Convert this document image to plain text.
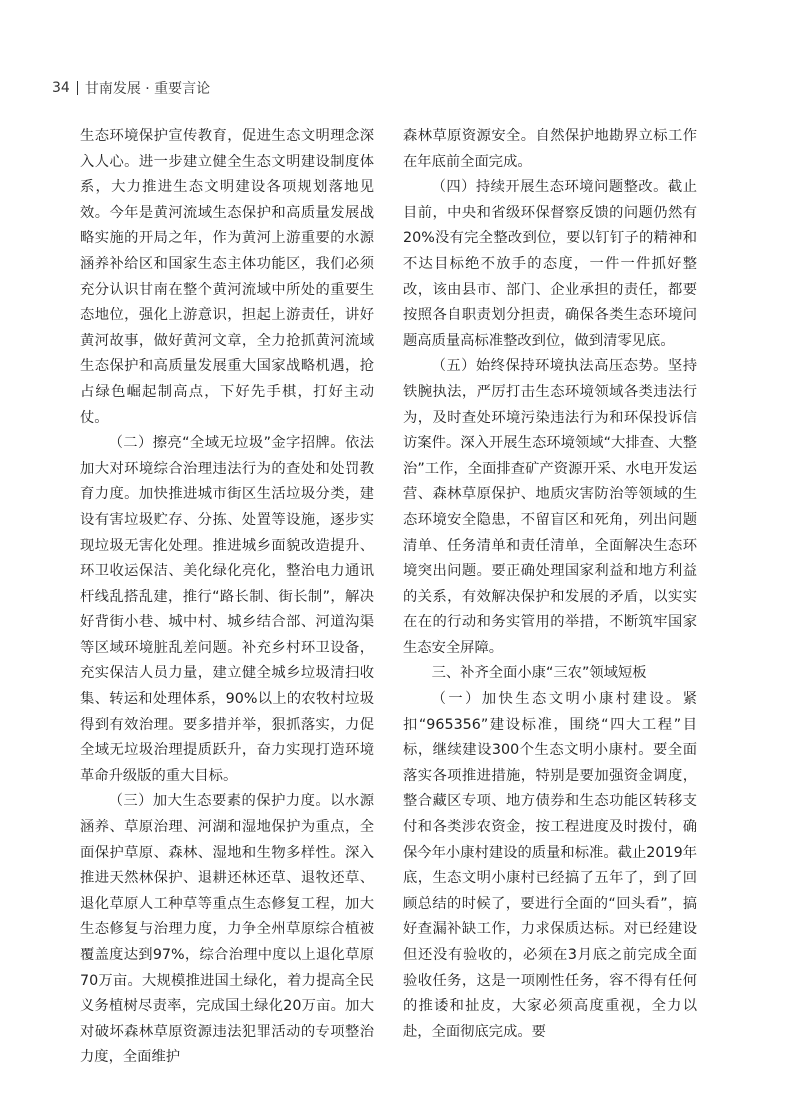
34 甘南发展 · 重要言论

生态环境保护宣传教育，促进生态文明理念深入人心。进一步建立健全生态文明建设制度体系，大力推进生态文明建设各项规划落地见效。今年是黄河流域生态保护和高质量发展战略实施的开局之年，作为黄河上游重要的水源涵养补给区和国家生态主体功能区，我们必须充分认识甘南在整个黄河流域中所处的重要生态地位，强化上游意识，担起上游责任，讲好黄河故事，做好黄河文章，全力抢抓黄河流域生态保护和高质量发展重大国家战略机遇，抢占绿色崛起制高点，下好先手棋，打好主动仗。

（二）擦亮“全域无垃圾”金字招牌。依法加大对环境综合治理违法行为的查处和处罚教育力度。加快推进城市街区生活垃圾分类，建设有害垃圾贮存、分拣、处置等设施，逐步实现垃圾无害化处理。推进城乡面貌改造提升、环卫收运保洁、美化绿化亮化，整治电力通讯杆线乱搭乱建，推行“路长制、街长制”，解决好背街小巷、城中村、城乡结合部、河道沟渠等区域环境脏乱差问题。补充乡村环卫设备，充实保洁人员力量，建立健全城乡垃圾清扫收集、转运和处理体系，90%以上的农牧村垃圾得到有效治理。要多措并举，狠抓落实，力促全域无垃圾治理提质跃升，奋力实现打造环境革命升级版的重大目标。

（三）加大生态要素的保护力度。以水源涵养、草原治理、河湖和湿地保护为重点，全面保护草原、森林、湿地和生物多样性。深入推进天然林保护、退耕还林还草、退牧还草、退化草原人工种草等重点生态修复工程，加大生态修复与治理力度，力争全州草原综合植被覆盖度达到97%，综合治理中度以上退化草原70万亩。大规模推进国土绿化，着力提高全民义务植树尽责率，完成国土绿化20万亩。加大对破坏森林草原资源违法犯罪活动的专项整治力度，全面维护

森林草原资源安全。自然保护地勘界立标工作在年底前全面完成。

（四）持续开展生态环境问题整改。截止目前，中央和省级环保督察反馈的问题仍然有20%没有完全整改到位，要以钉钉子的精神和不达目标绝不放手的态度，一件一件抓好整改，该由县市、部门、企业承担的责任，都要按照各自职责划分担责，确保各类生态环境问题高质量高标准整改到位，做到清零见底。

（五）始终保持环境执法高压态势。坚持铁腕执法，严厉打击生态环境领域各类违法行为，及时查处环境污染违法行为和环保投诉信访案件。深入开展生态环境领域“大排查、大整治”工作，全面排查矿产资源开采、水电开发运营、森林草原保护、地质灾害防治等领域的生态环境安全隐患，不留盲区和死角，列出问题清单、任务清单和责任清单，全面解决生态环境突出问题。要正确处理国家利益和地方利益的关系，有效解决保护和发展的矛盾，以实实在在的行动和务实管用的举措，不断筑牢国家生态安全屏障。

三、补齐全面小康“三农”领域短板

（一）加快生态文明小康村建设。紧扣“965356”建设标准，围绕“四大工程”目标，继续建设300个生态文明小康村。要全面落实各项推进措施，特别是要加强资金调度，整合藏区专项、地方债券和生态功能区转移支付和各类涉农资金，按工程进度及时拨付，确保今年小康村建设的质量和标准。截止2019年底，生态文明小康村已经搞了五年了，到了回顾总结的时候了，要进行全面的“回头看”，搞好查漏补缺工作，力求保质达标。对已经建设但还没有验收的，必须在3月底之前完成全面验收任务，这是一项刚性任务，容不得有任何的推诿和扯皮，大家必须高度重视，全力以赴，全面彻底完成。要
